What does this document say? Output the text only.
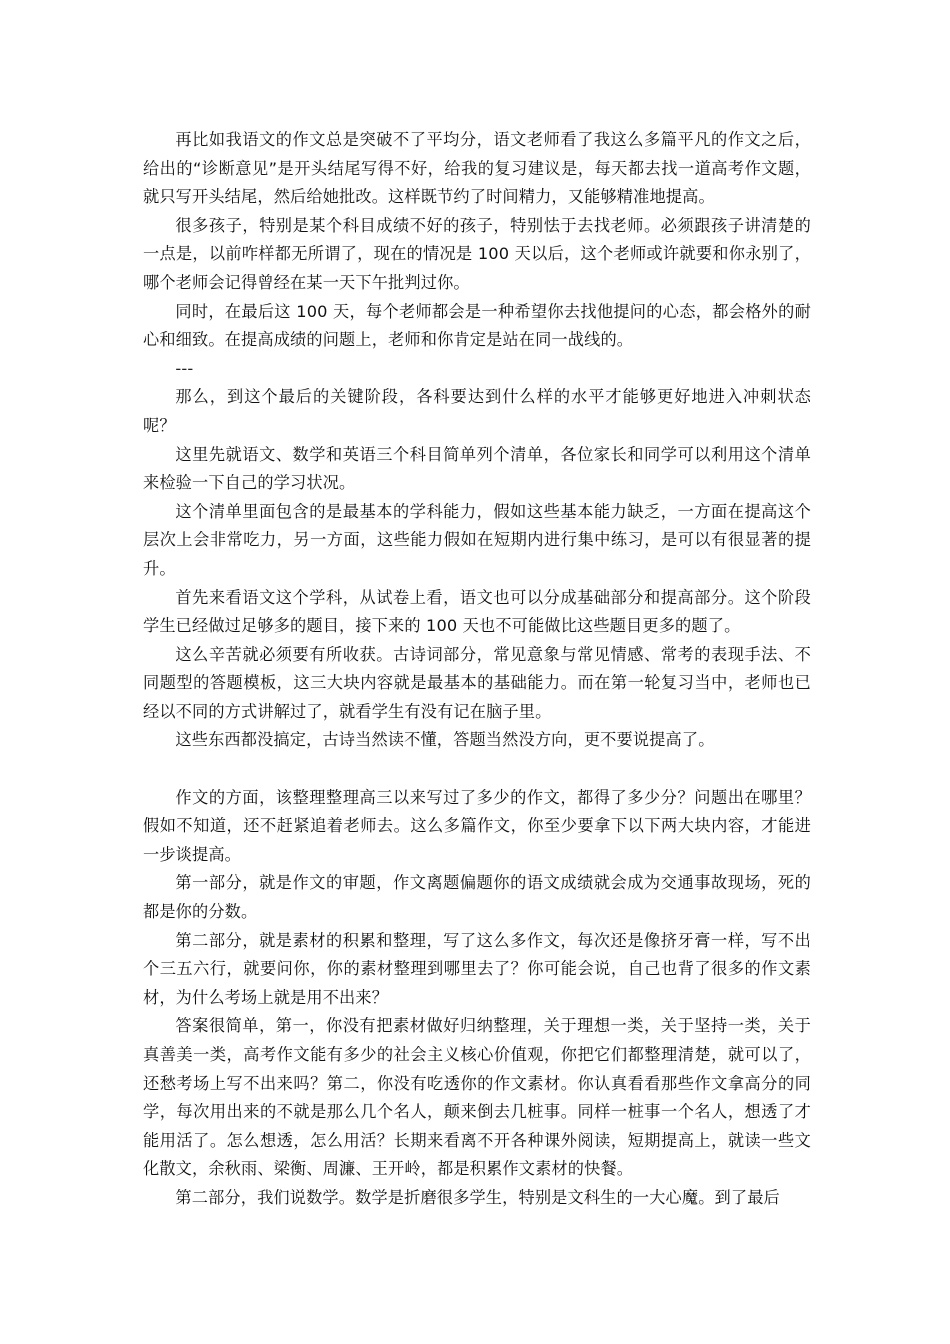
再比如我语文的作文总是突破不了平均分，语文老师看了我这么多篇平凡的作文之后，给出的“诊断意见”是开头结尾写得不好，给我的复习建议是，每天都去找一道高考作文题，就只写开头结尾，然后给她批改。这样既节约了时间精力，又能够精准地提高。

很多孩子，特别是某个科目成绩不好的孩子，特别怯于去找老师。必须跟孩子讲清楚的一点是，以前咋样都无所谓了，现在的情况是 100 天以后，这个老师或许就要和你永别了，哪个老师会记得曾经在某一天下午批判过你。

同时，在最后这 100 天，每个老师都会是一种希望你去找他提问的心态，都会格外的耐心和细致。在提高成绩的问题上，老师和你肯定是站在同一战线的。

---

那么，到这个最后的关键阶段，各科要达到什么样的水平才能够更好地进入冲刺状态呢？

这里先就语文、数学和英语三个科目简单列个清单，各位家长和同学可以利用这个清单来检验一下自己的学习状况。

这个清单里面包含的是最基本的学科能力，假如这些基本能力缺乏，一方面在提高这个层次上会非常吃力，另一方面，这些能力假如在短期内进行集中练习，是可以有很显著的提升。

首先来看语文这个学科，从试卷上看，语文也可以分成基础部分和提高部分。这个阶段学生已经做过足够多的题目，接下来的 100 天也不可能做比这些题目更多的题了。

这么辛苦就必须要有所收获。古诗词部分，常见意象与常见情感、常考的表现手法、不同题型的答题模板，这三大块内容就是最基本的基础能力。而在第一轮复习当中，老师也已经以不同的方式讲解过了，就看学生有没有记在脑子里。

这些东西都没搞定，古诗当然读不懂，答题当然没方向，更不要说提高了。

作文的方面，该整理整理高三以来写过了多少的作文，都得了多少分？问题出在哪里？假如不知道，还不赶紧追着老师去。这么多篇作文，你至少要拿下以下两大块内容，才能进一步谈提高。

第一部分，就是作文的审题，作文离题偏题你的语文成绩就会成为交通事故现场，死的都是你的分数。

第二部分，就是素材的积累和整理，写了这么多作文，每次还是像挤牙膏一样，写不出个三五六行，就要问你，你的素材整理到哪里去了？你可能会说，自己也背了很多的作文素材，为什么考场上就是用不出来？

答案很简单，第一，你没有把素材做好归纳整理，关于理想一类，关于坚持一类，关于真善美一类，高考作文能有多少的社会主义核心价值观，你把它们都整理清楚，就可以了，还愁考场上写不出来吗？第二，你没有吃透你的作文素材。你认真看看那些作文拿高分的同学，每次用出来的不就是那么几个名人，颠来倒去几桩事。同样一桩事一个名人，想透了才能用活了。怎么想透，怎么用活？长期来看离不开各种课外阅读，短期提高上，就读一些文化散文，余秋雨、梁衡、周濂、王开岭，都是积累作文素材的快餐。

第二部分，我们说数学。数学是折磨很多学生，特别是文科生的一大心魔。到了最后
